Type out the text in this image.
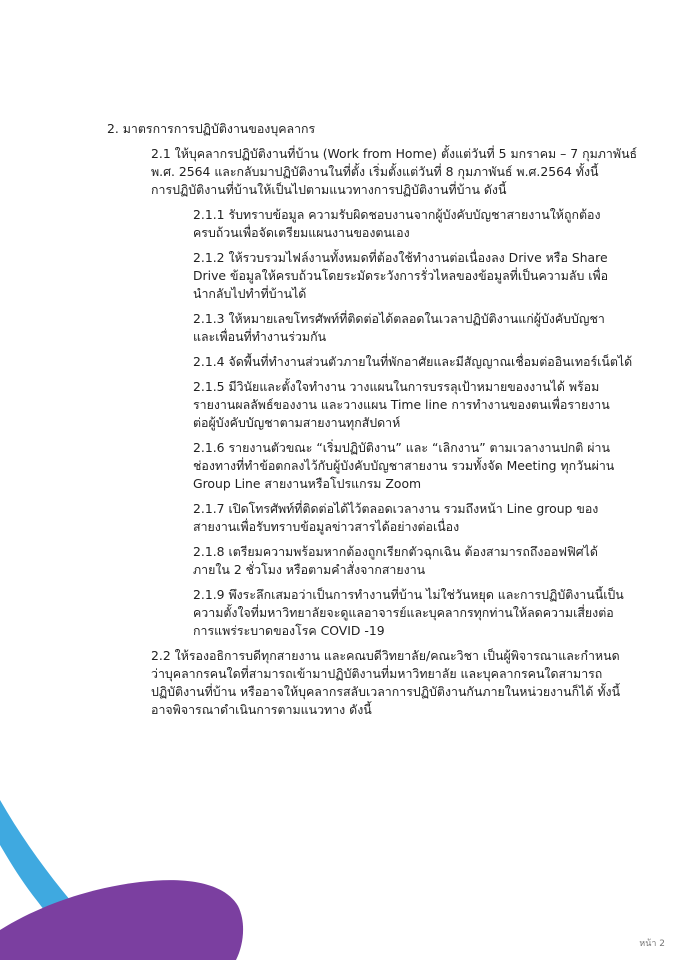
2. มาตรการการปฏิบัติงานของบุคลากร
2.1 ให้บุคลากรปฏิบัติงานที่บ้าน (Work from Home) ตั้งแต่วันที่ 5 มกราคม – 7 กุมภาพันธ์
พ.ศ. 2564 และกลับมาปฏิบัติงานในที่ตั้ง เริ่มตั้งแต่วันที่ 8 กุมภาพันธ์ พ.ศ.2564 ทั้งนี้
การปฏิบัติงานที่บ้านให้เป็นไปตามแนวทางการปฏิบัติงานที่บ้าน ดังนี้
2.1.1 รับทราบข้อมูล ความรับผิดชอบงานจากผู้บังคับบัญชาสายงานให้ถูกต้อง
ครบถ้วนเพื่อจัดเตรียมแผนงานของตนเอง
2.1.2 ให้รวบรวมไฟล์งานทั้งหมดที่ต้องใช้ทำงานต่อเนื่องลง Drive หรือ Share
Drive ข้อมูลให้ครบถ้วนโดยระมัดระวังการรั่วไหลของข้อมูลที่เป็นความลับ เพื่อ
นำกลับไปทำที่บ้านได้
2.1.3 ให้หมายเลขโทรศัพท์ที่ติดต่อได้ตลอดในเวลาปฏิบัติงานแก่ผู้บังคับบัญชา
และเพื่อนที่ทำงานร่วมกัน
2.1.4 จัดพื้นที่ทำงานส่วนตัวภายในที่พักอาศัยและมีสัญญาณเชื่อมต่ออินเทอร์เน็ตได้
2.1.5 มีวินัยและตั้งใจทำงาน วางแผนในการบรรลุเป้าหมายของงานได้ พร้อม
รายงานผลลัพธ์ของงาน และวางแผน Time line การทำงานของตนเพื่อรายงาน
ต่อผู้บังคับบัญชาตามสายงานทุกสัปดาห์
2.1.6 รายงานตัวขณะ “เริ่มปฏิบัติงาน” และ “เลิกงาน” ตามเวลางานปกติ ผ่าน
ช่องทางที่ทำข้อตกลงไว้กับผู้บังคับบัญชาสายงาน รวมทั้งจัด Meeting ทุกวันผ่าน
Group Line สายงานหรือโปรแกรม Zoom
2.1.7 เปิดโทรศัพท์ที่ติดต่อได้ไว้ตลอดเวลางาน รวมถึงหน้า Line group ของ
สายงานเพื่อรับทราบข้อมูลข่าวสารได้อย่างต่อเนื่อง
2.1.8 เตรียมความพร้อมหากต้องถูกเรียกตัวฉุกเฉิน ต้องสามารถถึงออฟฟิศได้
ภายใน 2 ชั่วโมง หรือตามคำสั่งจากสายงาน
2.1.9 พึงระลึกเสมอว่าเป็นการทำงานที่บ้าน ไม่ใช่วันหยุด และการปฏิบัติงานนี้เป็น
ความตั้งใจที่มหาวิทยาลัยจะดูแลอาจารย์และบุคลากรทุกท่านให้ลดความเสี่ยงต่อ
การแพร่ระบาดของโรค COVID -19
2.2 ให้รองอธิการบดีทุกสายงาน และคณบดีวิทยาลัย/คณะวิชา เป็นผู้พิจารณาและกำหนด
ว่าบุคลากรคนใดที่สามารถเข้ามาปฏิบัติงานที่มหาวิทยาลัย และบุคลากรคนใดสามารถ
ปฏิบัติงานที่บ้าน หรืออาจให้บุคลากรสลับเวลาการปฏิบัติงานกันภายในหน่วยงานก็ได้ ทั้งนี้
อาจพิจารณาดำเนินการตามแนวทาง ดังนี้
หน้า 2
